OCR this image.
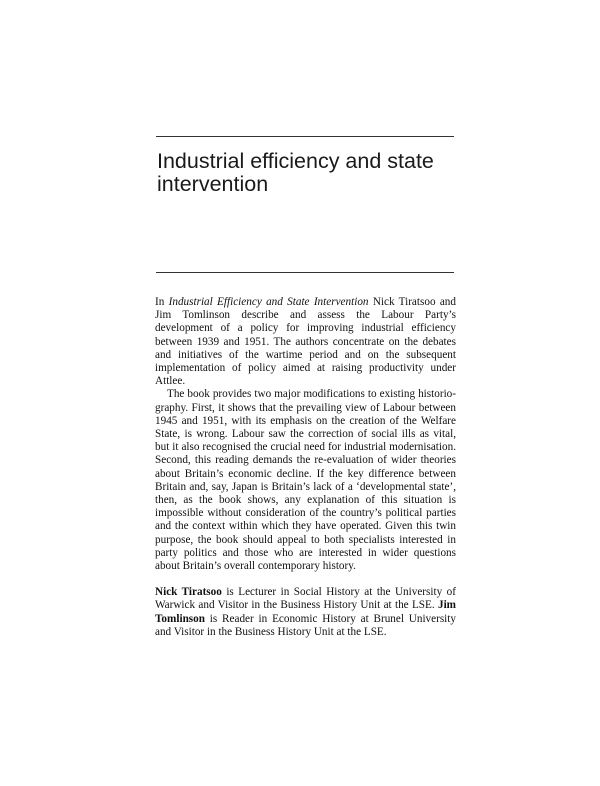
Industrial efficiency and state intervention

In Industrial Efficiency and State Intervention Nick Tiratsoo and Jim Tomlinson describe and assess the Labour Party’s development of a policy for improving industrial efficiency between 1939 and 1951. The authors concentrate on the debates and initiatives of the wartime period and on the subsequent implementation of policy aimed at raising productivity under Attlee.

The book provides two major modifications to existing historio-graphy. First, it shows that the prevailing view of Labour between 1945 and 1951, with its emphasis on the creation of the Welfare State, is wrong. Labour saw the correction of social ills as vital, but it also recognised the crucial need for industrial modernisation. Second, this reading demands the re-evaluation of wider theories about Britain’s economic decline. If the key difference between Britain and, say, Japan is Britain’s lack of a ‘developmental state’, then, as the book shows, any explanation of this situation is impossible without consideration of the country’s political parties and the context within which they have operated. Given this twin purpose, the book should appeal to both specialists interested in party politics and those who are interested in wider questions about Britain’s overall contemporary history.

Nick Tiratsoo is Lecturer in Social History at the University of Warwick and Visitor in the Business History Unit at the LSE. Jim Tomlinson is Reader in Economic History at Brunel University and Visitor in the Business History Unit at the LSE.
